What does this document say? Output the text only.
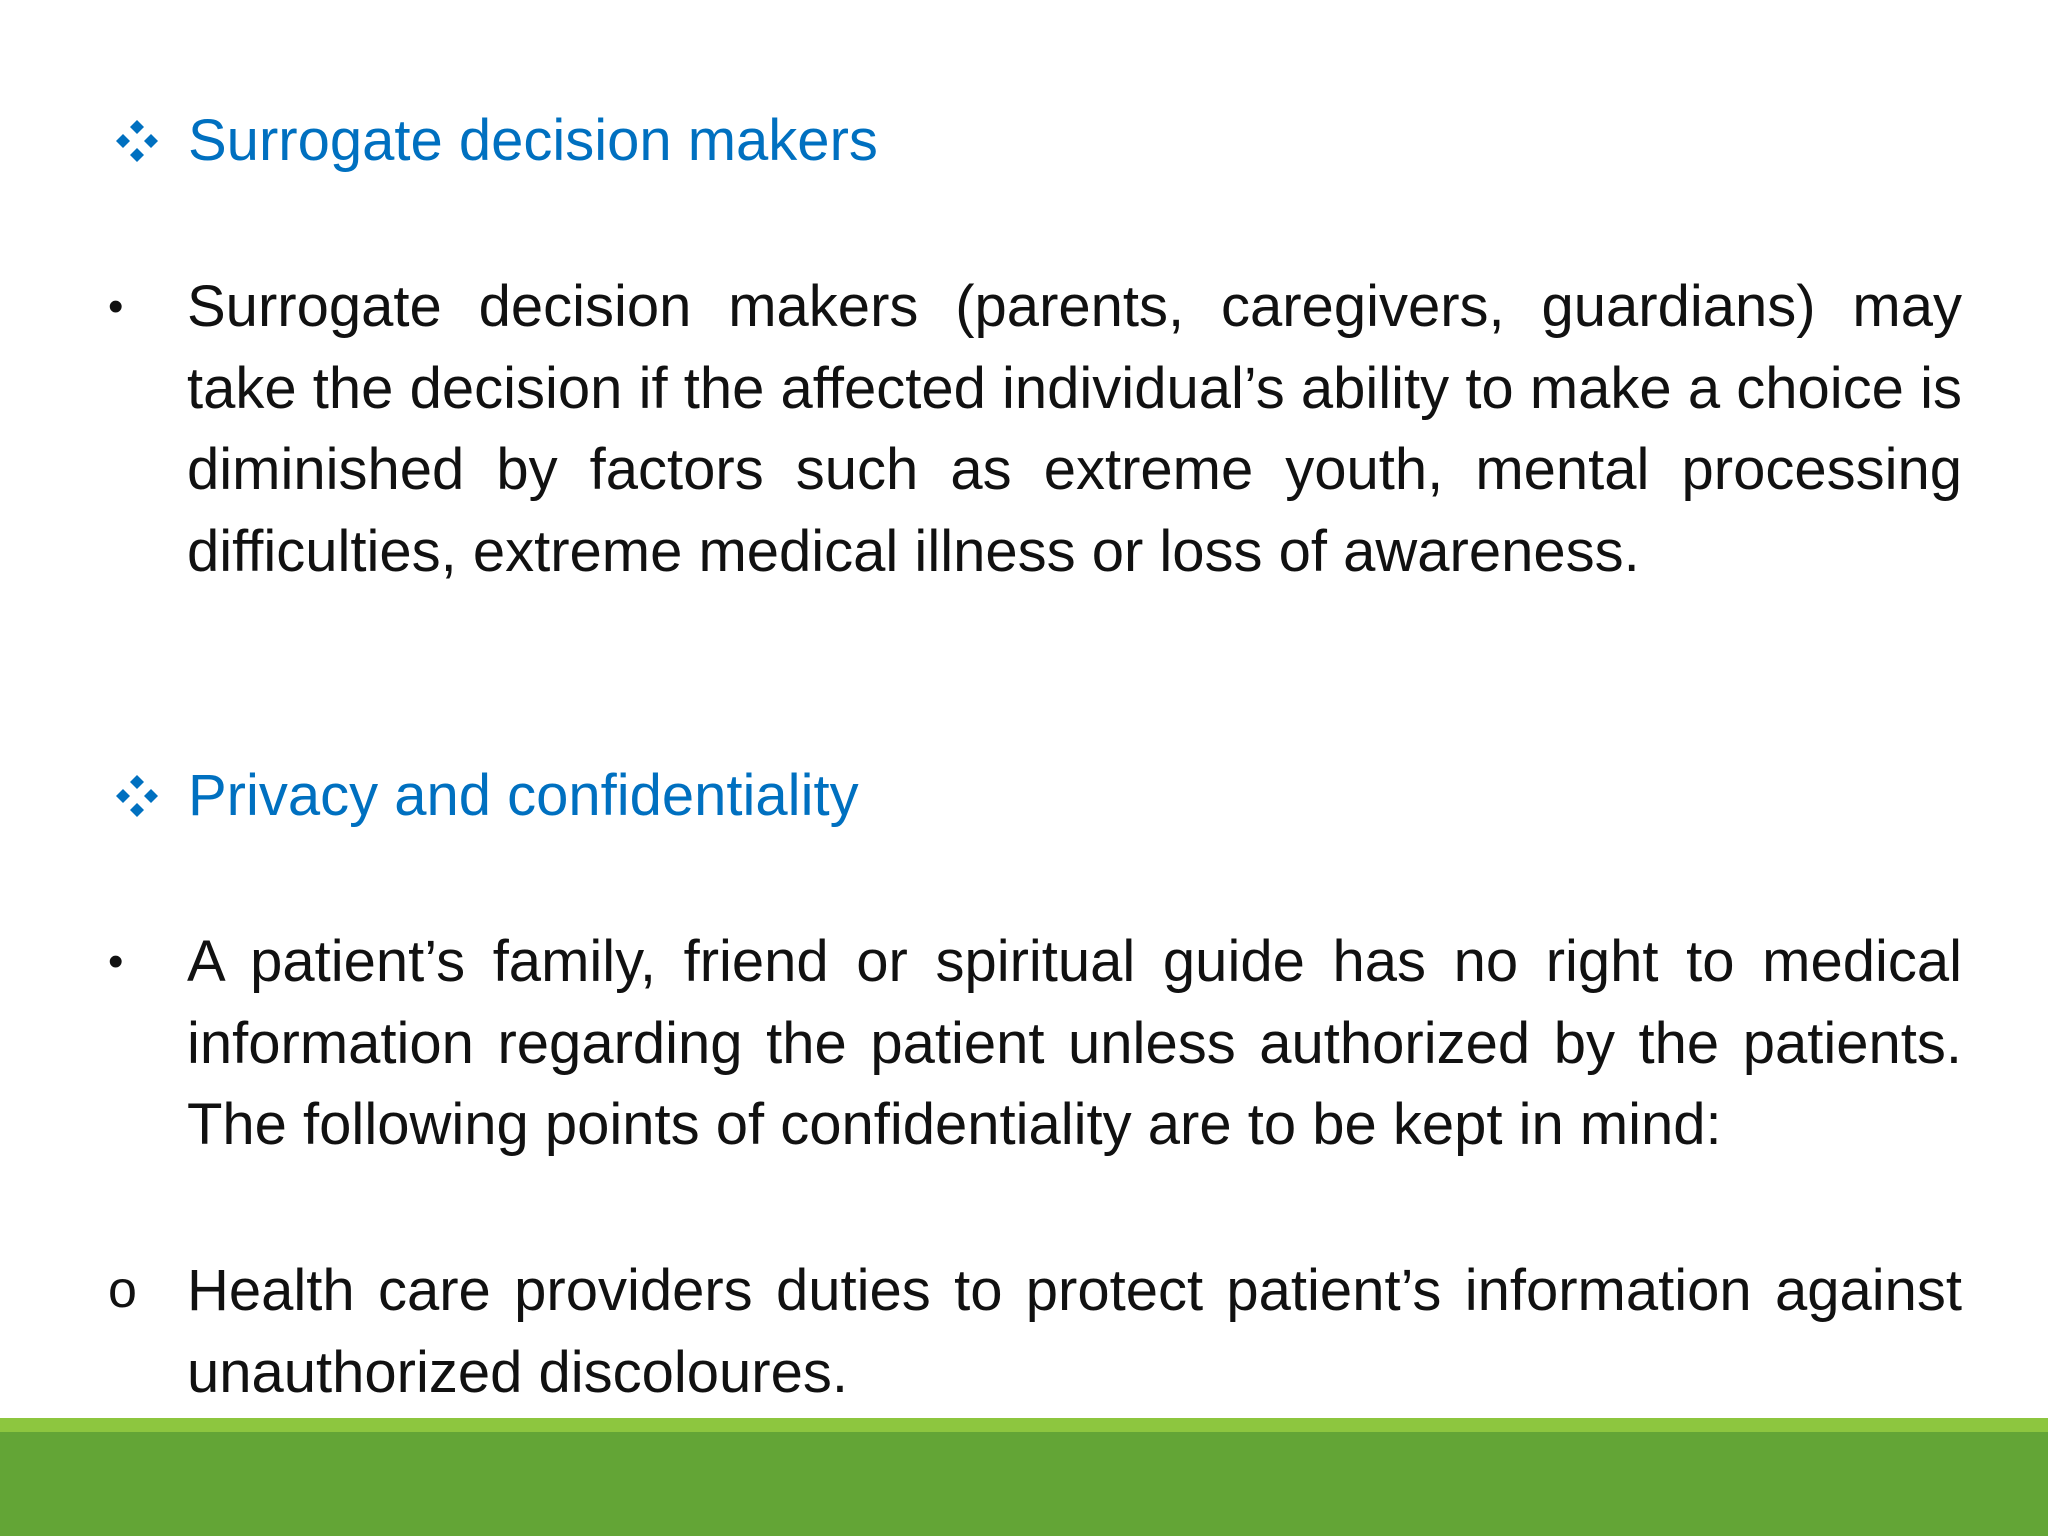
Surrogate decision makers
•	Surrogate decision makers (parents, caregivers, guardians) may take the decision if the affected individual’s ability to make a choice is diminished by factors such as extreme youth, mental processing difficulties, extreme medical illness or loss of awareness.
Privacy and confidentiality
•	A patient’s family, friend or spiritual guide has no right to medical information regarding the patient unless authorized by the patients. The following points of confidentiality are to be kept in mind:
o Health care providers duties to protect patient’s information against unauthorized discoloures.
